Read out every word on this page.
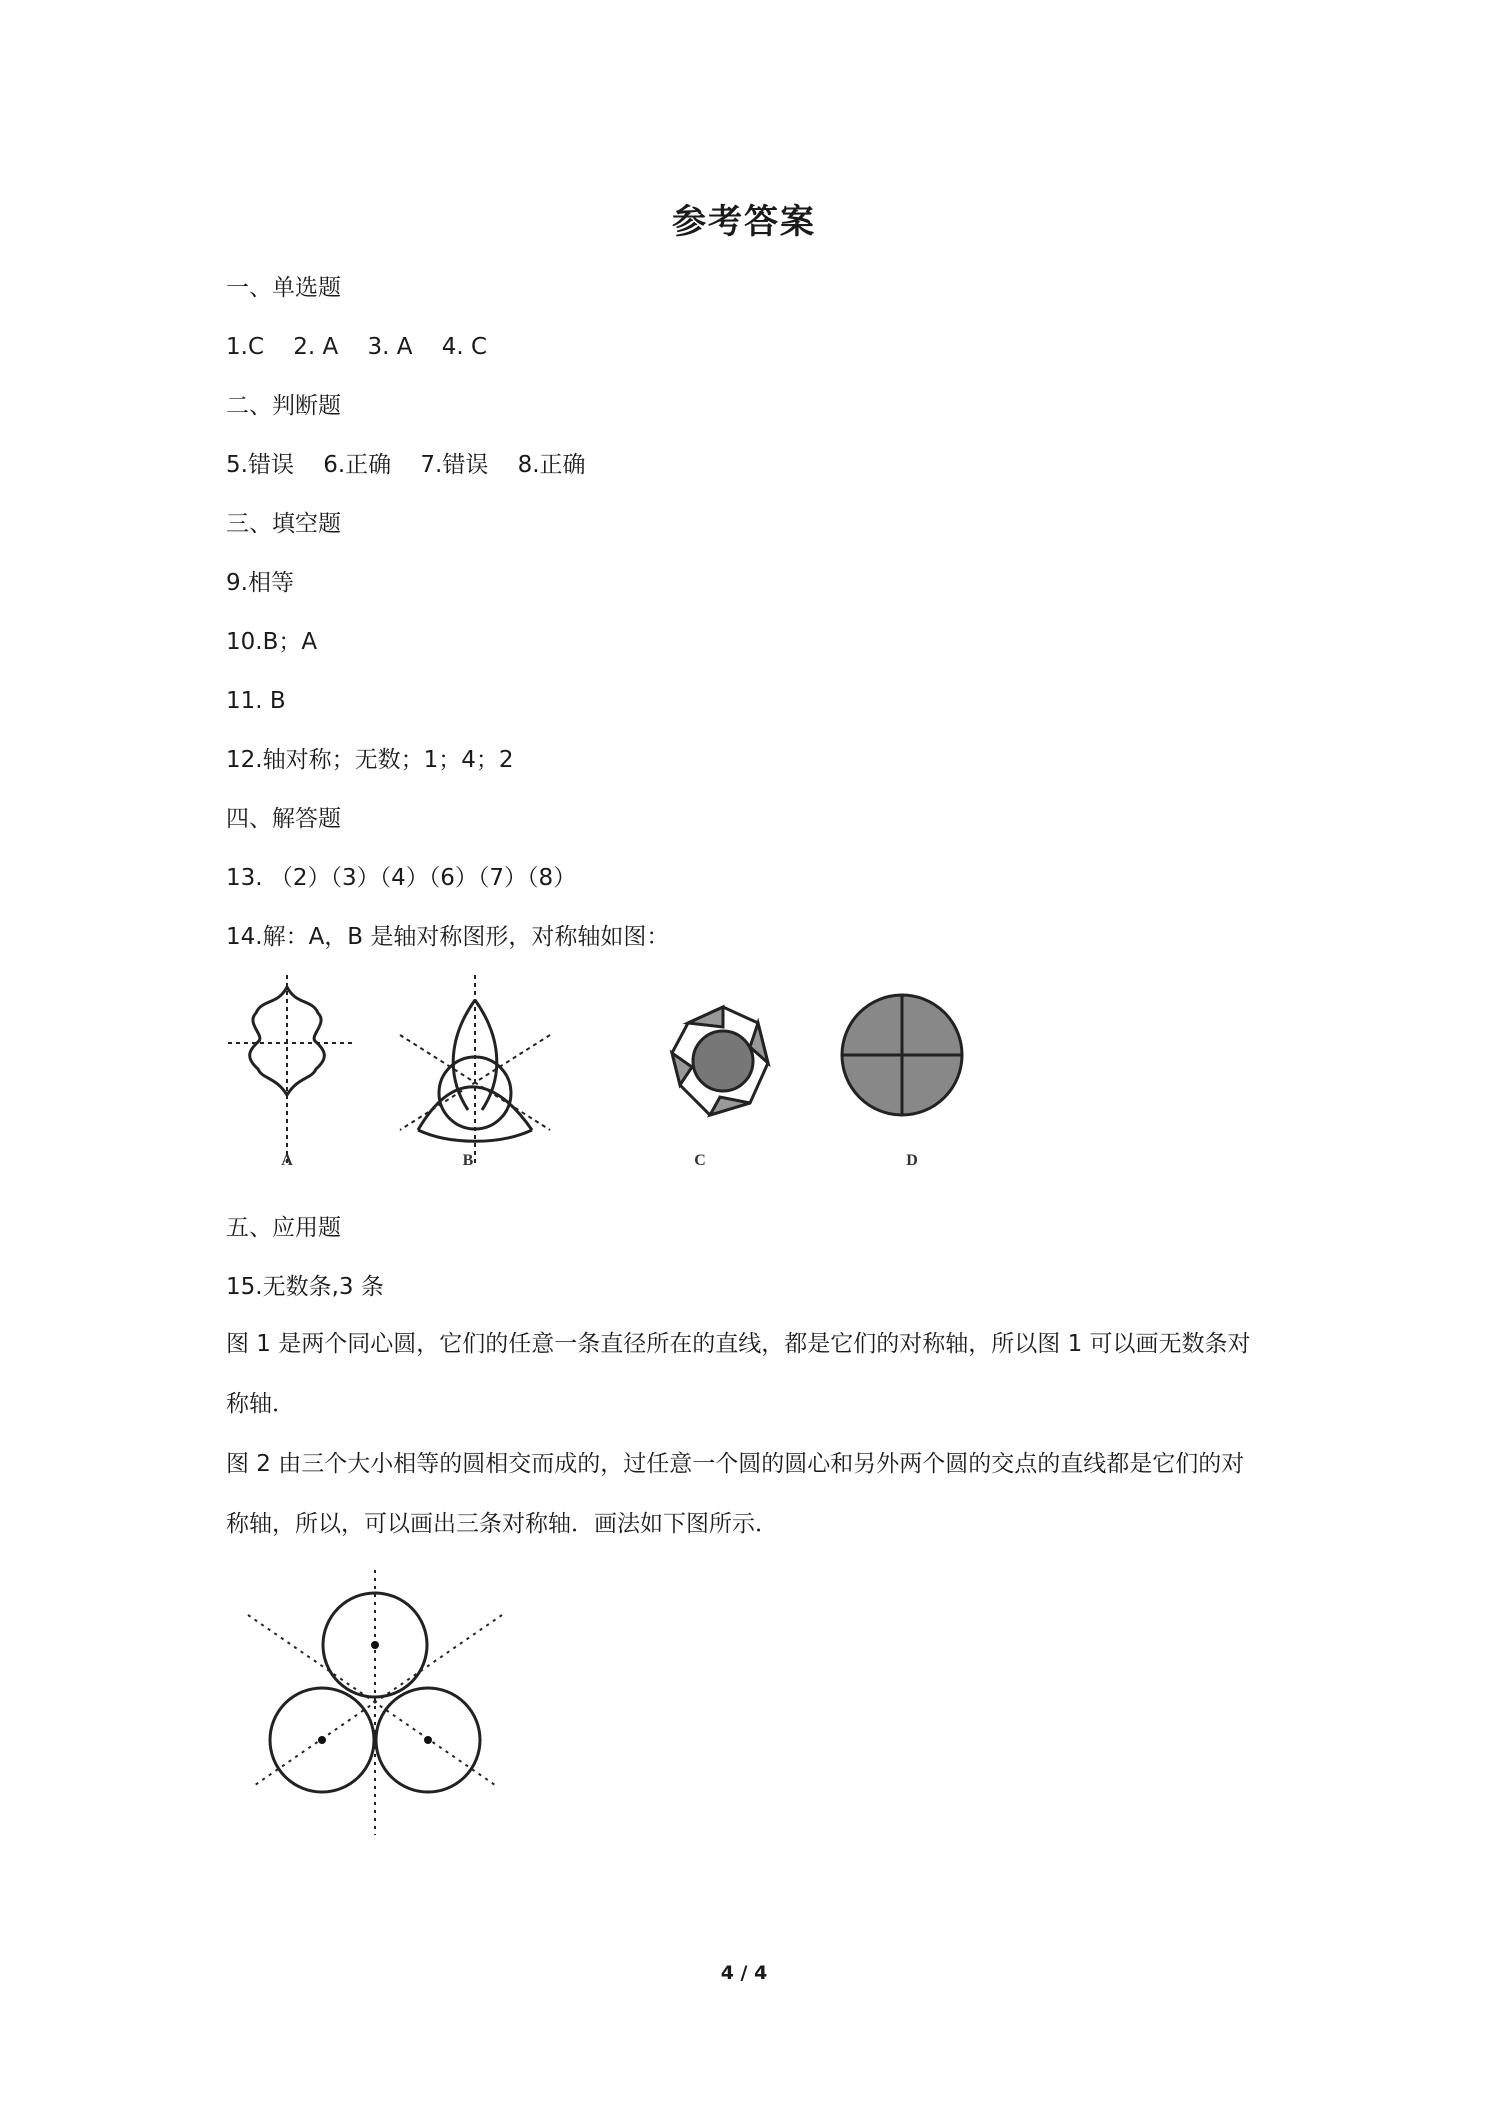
参考答案

一、单选题

1.C    2. A    3. A    4. C

二、判断题

5.错误    6.正确    7.错误    8.正确

三、填空题

9.相等

10.B；A

11. B

12.轴对称；无数；1；4；2

四、解答题

13. （2）（3）（4）（6）（7）（8）

14.解：A，B 是轴对称图形，对称轴如图：

A	B	C	D

五、应用题

15.无数条,3 条

图 1 是两个同心圆，它们的任意一条直径所在的直线，都是它们的对称轴，所以图 1 可以画无数条对称轴．

图 2 由三个大小相等的圆相交而成的，过任意一个圆的圆心和另外两个圆的交点的直线都是它们的对称轴，所以，可以画出三条对称轴．画法如下图所示．

4 / 4
